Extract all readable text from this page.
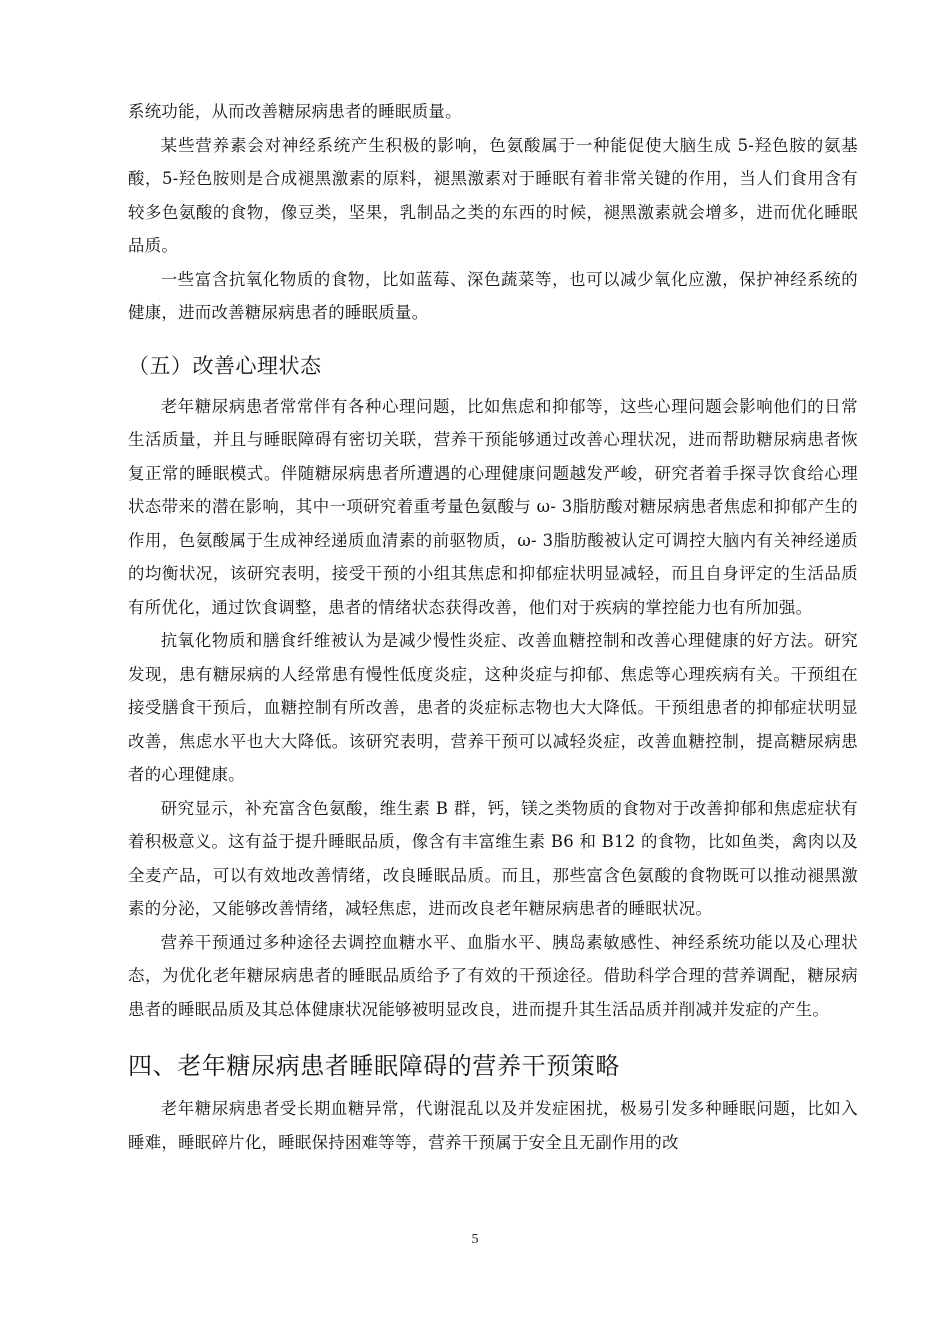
系统功能，从而改善糖尿病患者的睡眠质量。

某些营养素会对神经系统产生积极的影响，色氨酸属于一种能促使大脑生成 5-羟色胺的氨基酸，5-羟色胺则是合成褪黑激素的原料，褪黑激素对于睡眠有着非常关键的作用，当人们食用含有较多色氨酸的食物，像豆类，坚果，乳制品之类的东西的时候，褪黑激素就会增多，进而优化睡眠品质。

一些富含抗氧化物质的食物，比如蓝莓、深色蔬菜等，也可以减少氧化应激，保护神经系统的健康，进而改善糖尿病患者的睡眠质量。

（五）改善心理状态

老年糖尿病患者常常伴有各种心理问题，比如焦虑和抑郁等，这些心理问题会影响他们的日常生活质量，并且与睡眠障碍有密切关联，营养干预能够通过改善心理状况，进而帮助糖尿病患者恢复正常的睡眠模式。伴随糖尿病患者所遭遇的心理健康问题越发严峻，研究者着手探寻饮食给心理状态带来的潜在影响，其中一项研究着重考量色氨酸与 ω- 3脂肪酸对糖尿病患者焦虑和抑郁产生的作用，色氨酸属于生成神经递质血清素的前驱物质，ω- 3脂肪酸被认定可调控大脑内有关神经递质的均衡状况，该研究表明，接受干预的小组其焦虑和抑郁症状明显减轻，而且自身评定的生活品质有所优化，通过饮食调整，患者的情绪状态获得改善，他们对于疾病的掌控能力也有所加强。

抗氧化物质和膳食纤维被认为是减少慢性炎症、改善血糖控制和改善心理健康的好方法。研究发现，患有糖尿病的人经常患有慢性低度炎症，这种炎症与抑郁、焦虑等心理疾病有关。干预组在接受膳食干预后，血糖控制有所改善，患者的炎症标志物也大大降低。干预组患者的抑郁症状明显改善，焦虑水平也大大降低。该研究表明，营养干预可以减轻炎症，改善血糖控制，提高糖尿病患者的心理健康。

研究显示，补充富含色氨酸，维生素 B 群，钙，镁之类物质的食物对于改善抑郁和焦虑症状有着积极意义。这有益于提升睡眠品质，像含有丰富维生素 B6 和 B12 的食物，比如鱼类，禽肉以及全麦产品，可以有效地改善情绪，改良睡眠品质。而且，那些富含色氨酸的食物既可以推动褪黑激素的分泌，又能够改善情绪，减轻焦虑，进而改良老年糖尿病患者的睡眠状况。

营养干预通过多种途径去调控血糖水平、血脂水平、胰岛素敏感性、神经系统功能以及心理状态，为优化老年糖尿病患者的睡眠品质给予了有效的干预途径。借助科学合理的营养调配，糖尿病患者的睡眠品质及其总体健康状况能够被明显改良，进而提升其生活品质并削减并发症的产生。

四、老年糖尿病患者睡眠障碍的营养干预策略

老年糖尿病患者受长期血糖异常，代谢混乱以及并发症困扰，极易引发多种睡眠问题，比如入睡难，睡眠碎片化，睡眠保持困难等等，营养干预属于安全且无副作用的改

5
